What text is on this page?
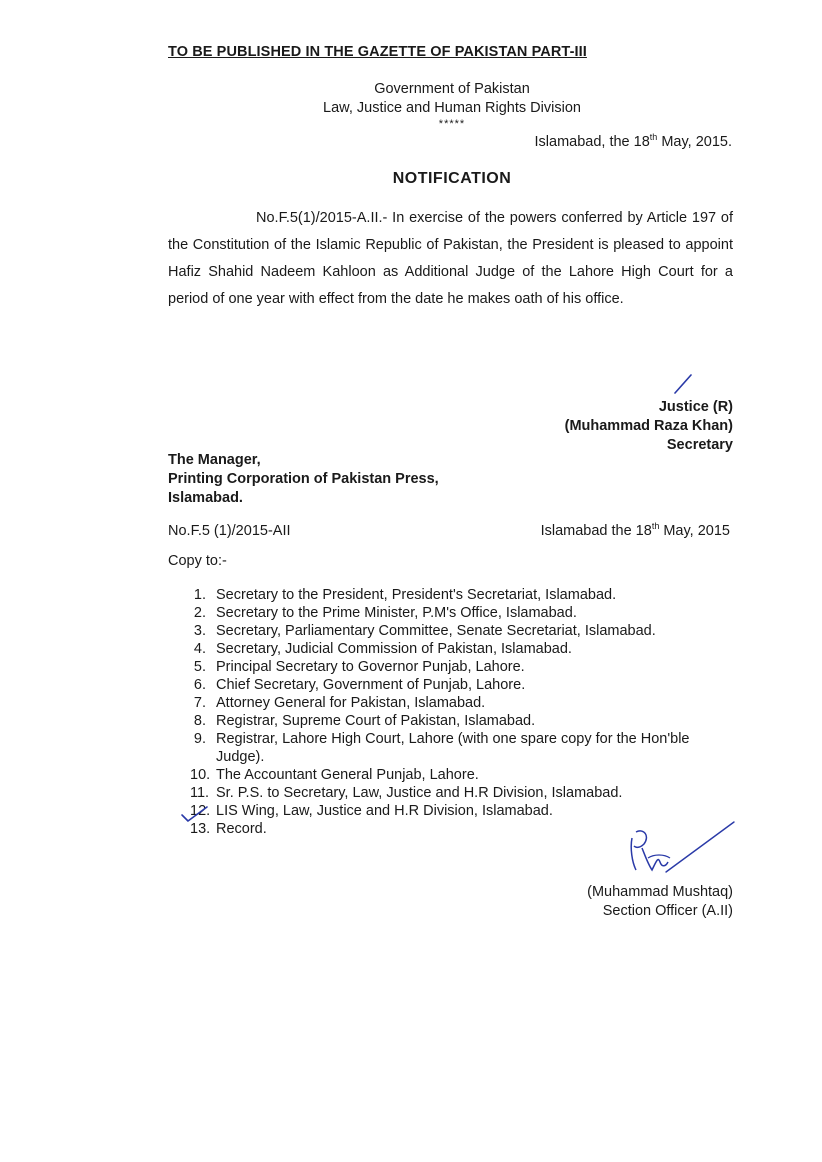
TO BE PUBLISHED IN THE GAZETTE OF PAKISTAN PART-III
Government of Pakistan
Law, Justice and Human Rights Division
*****
Islamabad, the 18th May, 2015.
NOTIFICATION
No.F.5(1)/2015-A.II.- In exercise of the powers conferred by Article 197 of the Constitution of the Islamic Republic of Pakistan, the President is pleased to appoint Hafiz Shahid Nadeem Kahloon as Additional Judge of the Lahore High Court for a period of one year with effect from the date he makes oath of his office.
Justice (R)
(Muhammad Raza Khan)
Secretary
The Manager,
Printing Corporation of Pakistan Press,
Islamabad.
No.F.5 (1)/2015-AII	Islamabad the 18th May, 2015
Copy to:-
1. Secretary to the President, President's Secretariat, Islamabad.
2. Secretary to the Prime Minister, P.M's Office, Islamabad.
3. Secretary, Parliamentary Committee, Senate Secretariat, Islamabad.
4. Secretary, Judicial Commission of Pakistan, Islamabad.
5. Principal Secretary to Governor Punjab, Lahore.
6. Chief Secretary, Government of Punjab, Lahore.
7. Attorney General for Pakistan, Islamabad.
8. Registrar, Supreme Court of Pakistan, Islamabad.
9. Registrar, Lahore High Court, Lahore (with one spare copy for the Hon'ble Judge).
10. The Accountant General Punjab, Lahore.
11. Sr. P.S. to Secretary, Law, Justice and H.R Division, Islamabad.
12. LIS Wing, Law, Justice and H.R Division, Islamabad.
13. Record.
(Muhammad Mushtaq)
Section Officer (A.II)
